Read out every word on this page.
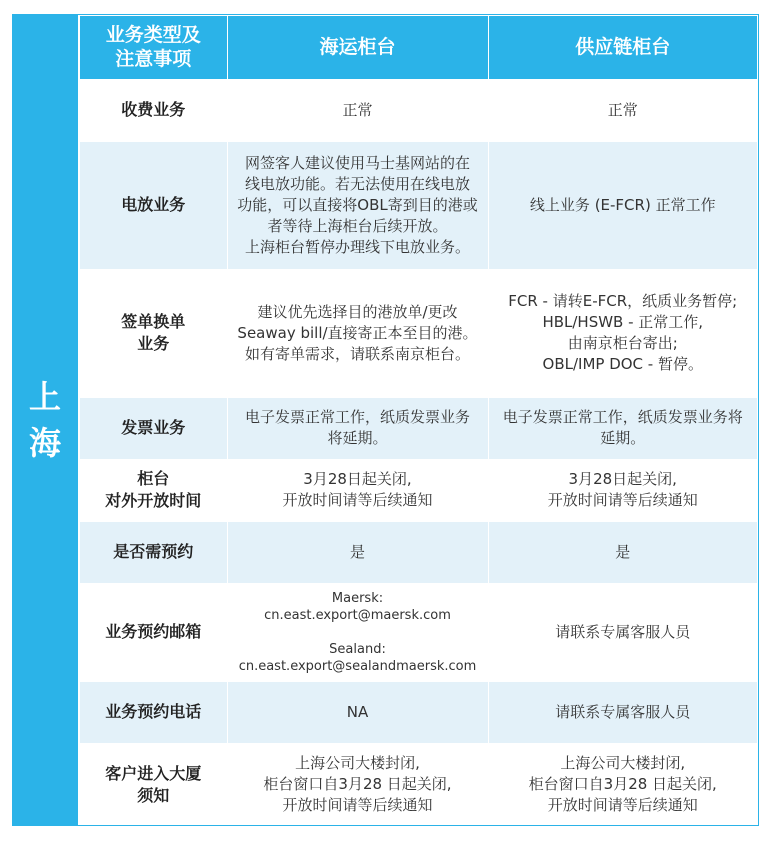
上
海
业务类型及
注意事项	海运柜台	供应链柜台

收费业务	正常	正常

电放业务	网签客人建议使用马士基网站的在
线电放功能。若无法使用在线电放
功能，可以直接将OBL寄到目的港或
者等待上海柜台后续开放。
上海柜台暂停办理线下电放业务。	线上业务 (E-FCR) 正常工作

签单换单
业务	建议优先选择目的港放单/更改
Seaway bill/直接寄正本至目的港。
如有寄单需求，请联系南京柜台。	FCR - 请转E-FCR，纸质业务暂停;
HBL/HSWB - 正常工作,
由南京柜台寄出;
OBL/IMP DOC - 暂停。

发票业务	电子发票正常工作，纸质发票业务
将延期。	电子发票正常工作，纸质发票业务将
延期。

柜台
对外开放时间	3月28日起关闭,
开放时间请等后续通知	3月28日起关闭,
开放时间请等后续通知

是否需预约	是	是

业务预约邮箱	Maersk:
cn.east.export@maersk.com
Sealand:
cn.east.export@sealandmaersk.com	请联系专属客服人员

业务预约电话	NA	请联系专属客服人员

客户进入大厦
须知	上海公司大楼封闭,
柜台窗口自3月28 日起关闭,
开放时间请等后续通知	上海公司大楼封闭,
柜台窗口自3月28 日起关闭,
开放时间请等后续通知
